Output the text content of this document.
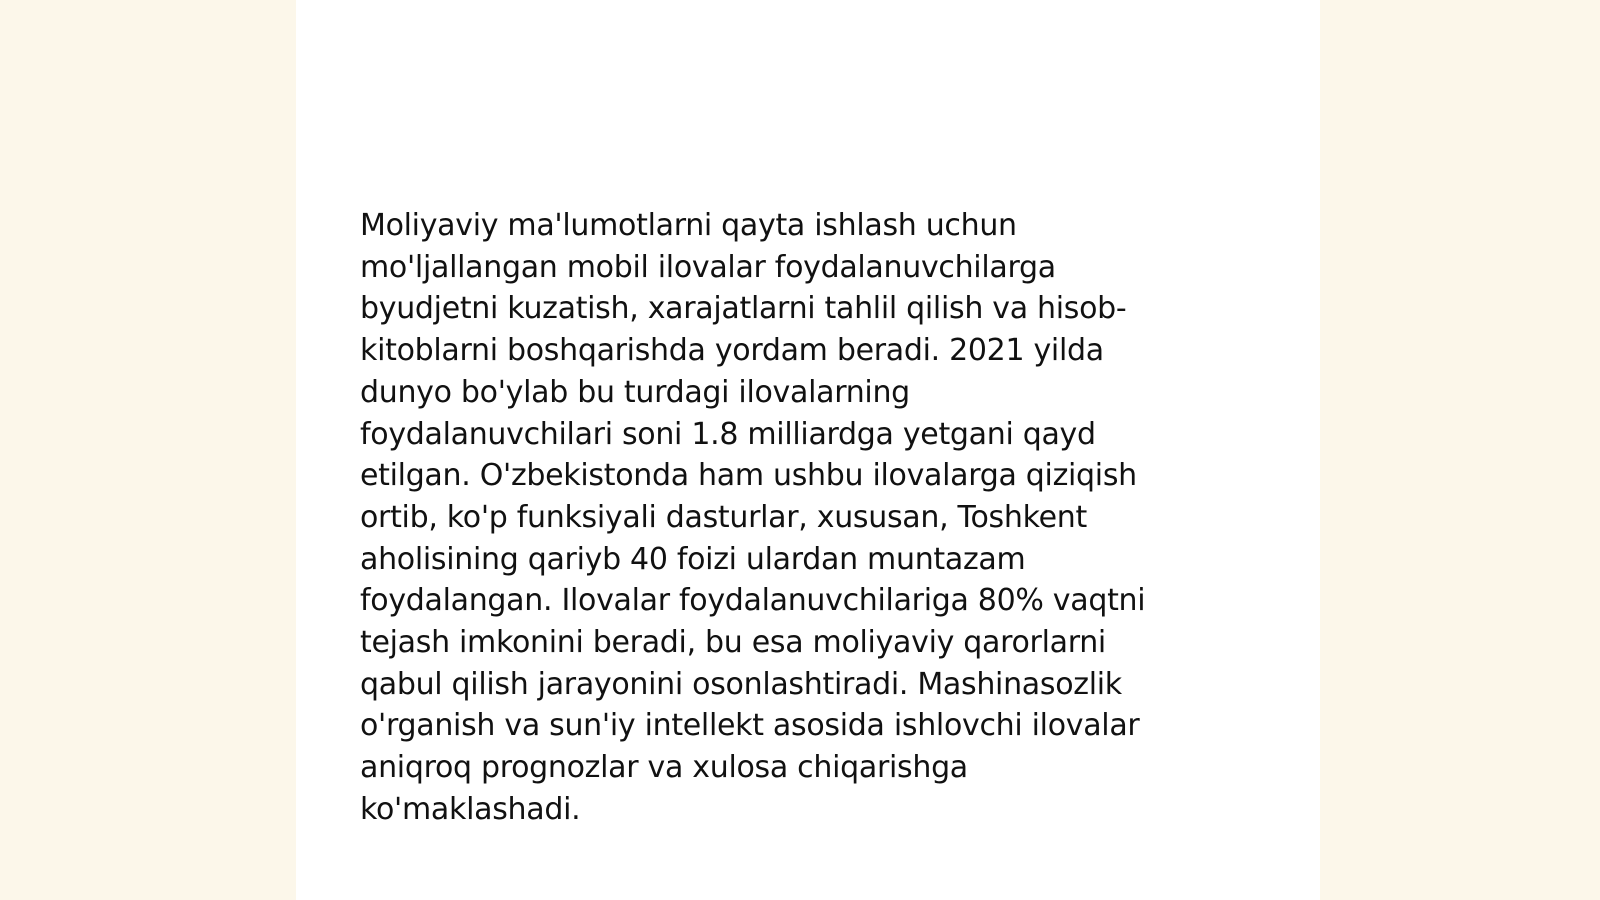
Moliyaviy ma'lumotlarni qayta ishlash uchun
mo'ljallangan mobil ilovalar foydalanuvchilarga
byudjetni kuzatish, xarajatlarni tahlil qilish va hisob-
kitoblarni boshqarishda yordam beradi. 2021 yilda
dunyo bo'ylab bu turdagi ilovalarning
foydalanuvchilari soni 1.8 milliardga yetgani qayd
etilgan. O'zbekistonda ham ushbu ilovalarga qiziqish
ortib, ko'p funksiyali dasturlar, xususan, Toshkent
aholisining qariyb 40 foizi ulardan muntazam
foydalangan. Ilovalar foydalanuvchilariga 80% vaqtni
tejash imkonini beradi, bu esa moliyaviy qarorlarni
qabul qilish jarayonini osonlashtiradi. Mashinasozlik
o'rganish va sun'iy intellekt asosida ishlovchi ilovalar
aniqroq prognozlar va xulosa chiqarishga
ko'maklashadi.
